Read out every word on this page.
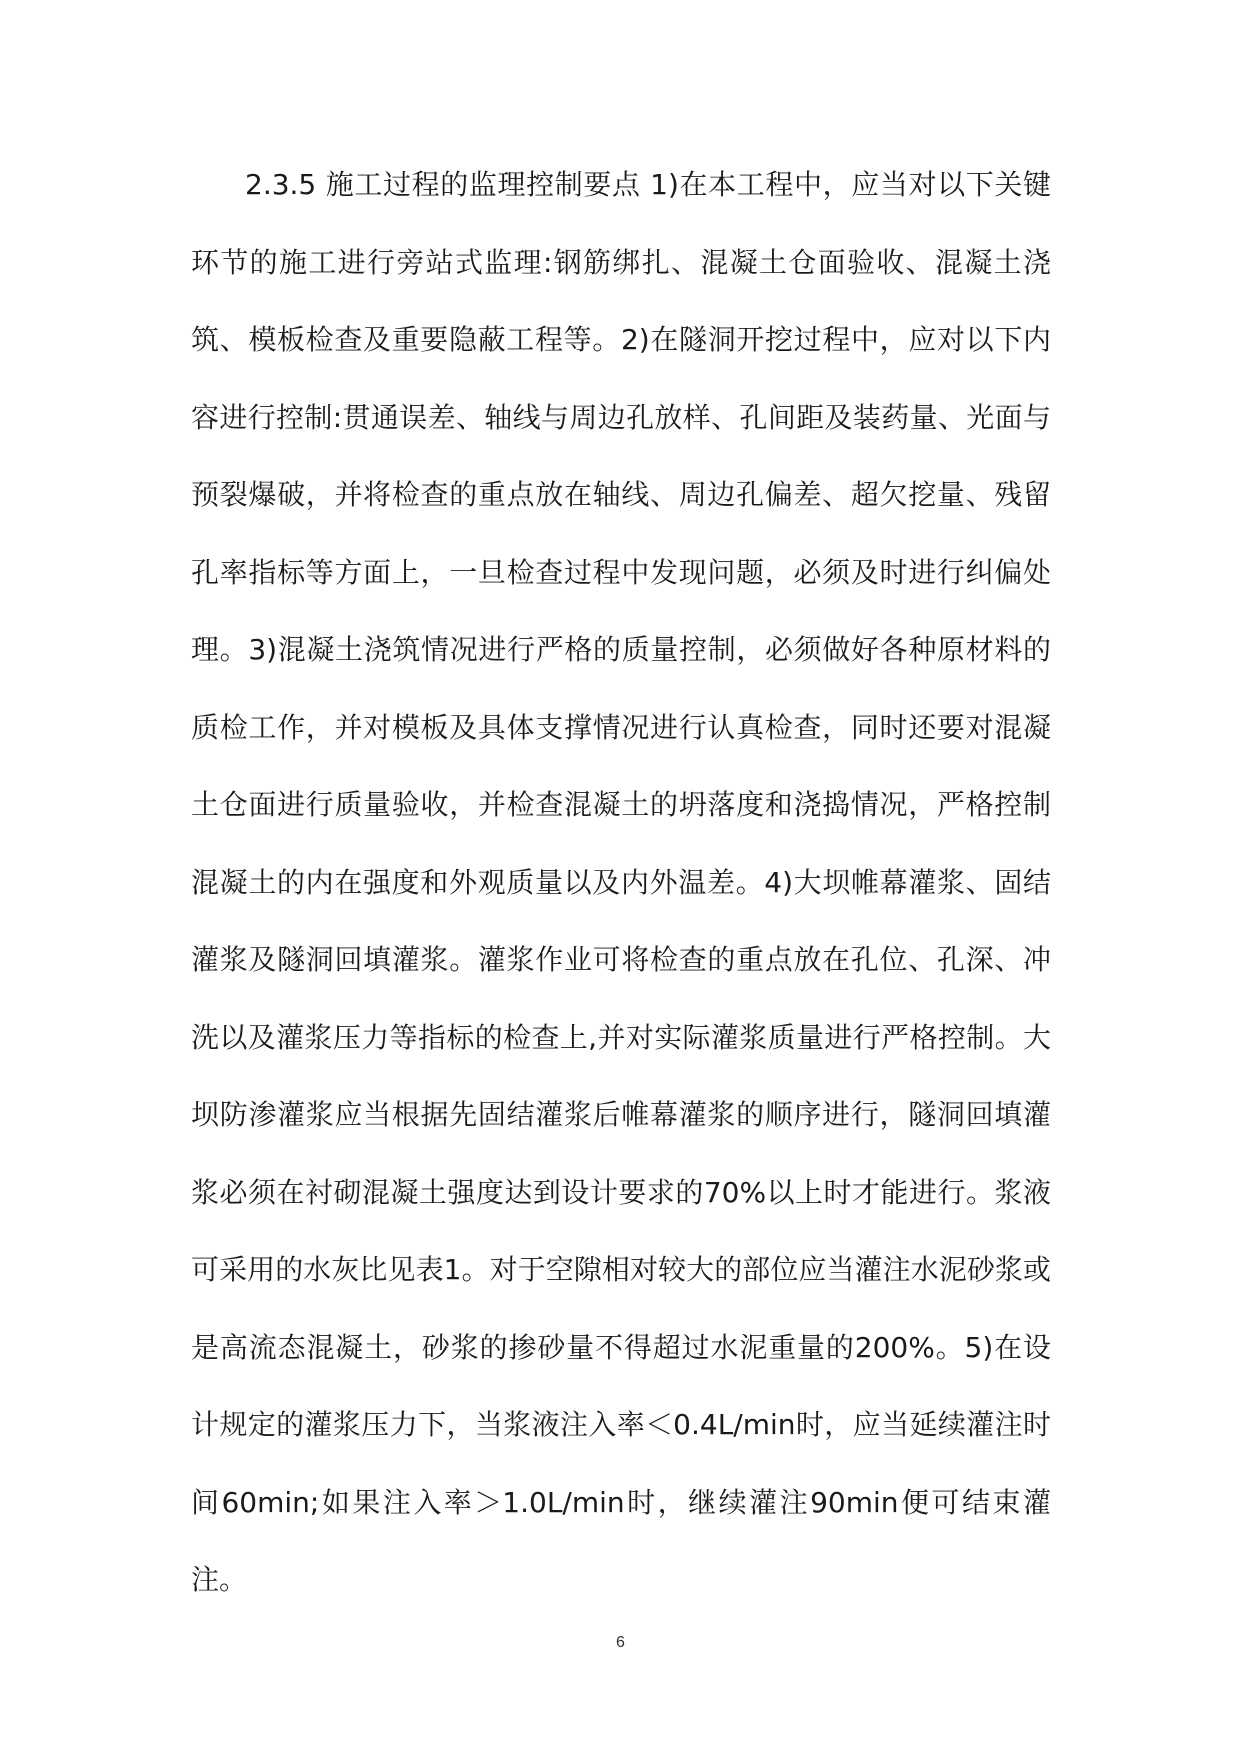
2.3.5 施工过程的监理控制要点 1)在本工程中，应当对以下关键环节的施工进行旁站式监理:钢筋绑扎、混凝土仓面验收、混凝土浇筑、模板检查及重要隐蔽工程等。2)在隧洞开挖过程中，应对以下内容进行控制:贯通误差、轴线与周边孔放样、孔间距及装药量、光面与预裂爆破，并将检查的重点放在轴线、周边孔偏差、超欠挖量、残留孔率指标等方面上，一旦检查过程中发现问题，必须及时进行纠偏处理。3)混凝土浇筑情况进行严格的质量控制，必须做好各种原材料的质检工作，并对模板及具体支撑情况进行认真检查，同时还要对混凝土仓面进行质量验收，并检查混凝土的坍落度和浇捣情况，严格控制混凝土的内在强度和外观质量以及内外温差。4)大坝帷幕灌浆、固结灌浆及隧洞回填灌浆。灌浆作业可将检查的重点放在孔位、孔深、冲洗以及灌浆压力等指标的检查上,并对实际灌浆质量进行严格控制。大坝防渗灌浆应当根据先固结灌浆后帷幕灌浆的顺序进行，隧洞回填灌浆必须在衬砌混凝土强度达到设计要求的70%以上时才能进行。浆液可采用的水灰比见表1。对于空隙相对较大的部位应当灌注水泥砂浆或是高流态混凝土，砂浆的掺砂量不得超过水泥重量的200%。5)在设计规定的灌浆压力下，当浆液注入率＜0.4L/min时，应当延续灌注时间60min;如果注入率＞1.0L/min时，继续灌注90min便可结束灌注。

6
